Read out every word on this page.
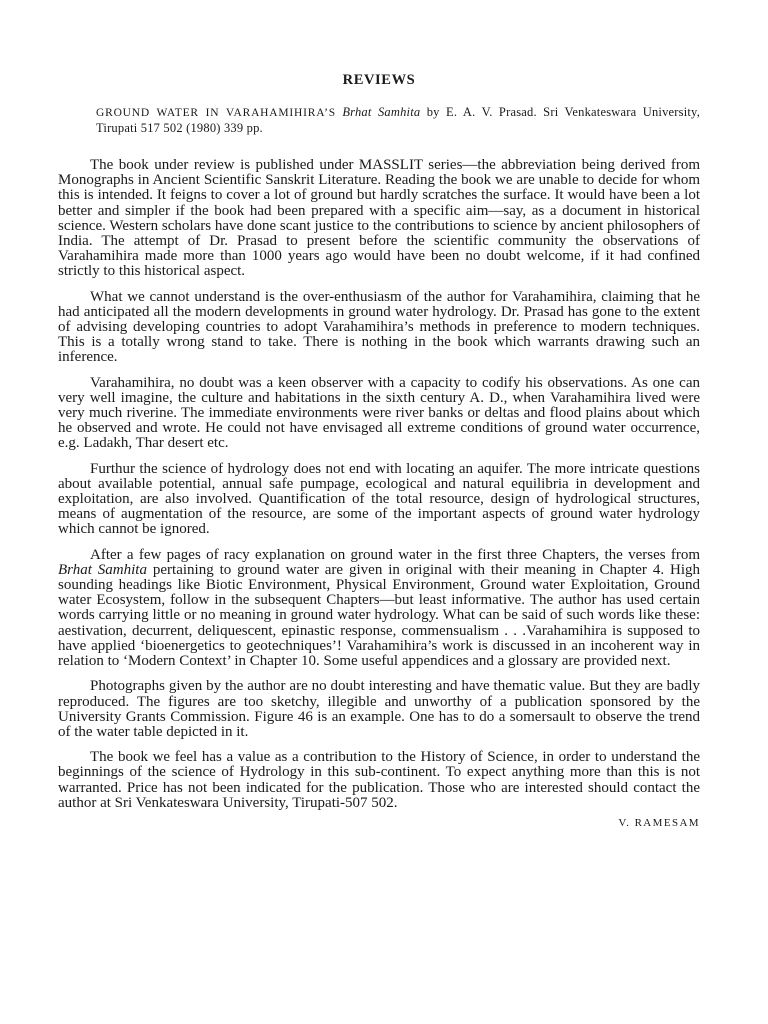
REVIEWS
GROUND WATER IN VARAHAMIHIRA’S Brhat Samhita by E. A. V. Prasad. Sri Venkateswara University, Tirupati 517 502 (1980) 339 pp.

The book under review is published under MASSLIT series—the abbreviation being derived from Monographs in Ancient Scientific Sanskrit Literature. Reading the book we are unable to decide for whom this is intended. It feigns to cover a lot of ground but hardly scratches the surface. It would have been a lot better and simpler if the book had been prepared with a specific aim—say, as a document in historical science. Western scholars have done scant justice to the contributions to science by ancient philosophers of India. The attempt of Dr. Prasad to present before the scientific community the observations of Varahamihira made more than 1000 years ago would have been no doubt welcome, if it had confined strictly to this historical aspect.

What we cannot understand is the over-enthusiasm of the author for Varahamihira, claiming that he had anticipated all the modern developments in ground water hydrology. Dr. Prasad has gone to the extent of advising developing countries to adopt Varahamihira’s methods in preference to modern techniques. This is a totally wrong stand to take. There is nothing in the book which warrants drawing such an inference.

Varahamihira, no doubt was a keen observer with a capacity to codify his observations. As one can very well imagine, the culture and habitations in the sixth century A. D., when Varahamihira lived were very much riverine. The immediate environments were river banks or deltas and flood plains about which he observed and wrote. He could not have envisaged all extreme conditions of ground water occurrence, e.g. Ladakh, Thar desert etc.

Furthur the science of hydrology does not end with locating an aquifer. The more intricate questions about available potential, annual safe pumpage, ecological and natural equilibria in development and exploitation, are also involved. Quantification of the total resource, design of hydrological structures, means of augmentation of the resource, are some of the important aspects of ground water hydrology which cannot be ignored.

After a few pages of racy explanation on ground water in the first three Chapters, the verses from Brhat Samhita pertaining to ground water are given in original with their meaning in Chapter 4. High sounding headings like Biotic Environment, Physical Environment, Ground water Exploitation, Ground water Ecosystem, follow in the subsequent Chapters—but least informative. The author has used certain words carrying little or no meaning in ground water hydrology. What can be said of such words like these: aestivation, decurrent, deliquescent, epinastic response, commensualism . . .Varahamihira is supposed to have applied ‘bioenergetics to geotechniques’! Varahamihira’s work is discussed in an incoherent way in relation to ‘Modern Context’ in Chapter 10. Some useful appendices and a glossary are provided next.

Photographs given by the author are no doubt interesting and have thematic value. But they are badly reproduced. The figures are too sketchy, illegible and unworthy of a publication sponsored by the University Grants Commission. Figure 46 is an example. One has to do a somersault to observe the trend of the water table depicted in it.

The book we feel has a value as a contribution to the History of Science, in order to understand the beginnings of the science of Hydrology in this sub-continent. To expect anything more than this is not warranted. Price has not been indicated for the publication. Those who are interested should contact the author at Sri Venkateswara University, Tirupati-507 502.

V. RAMESAM
